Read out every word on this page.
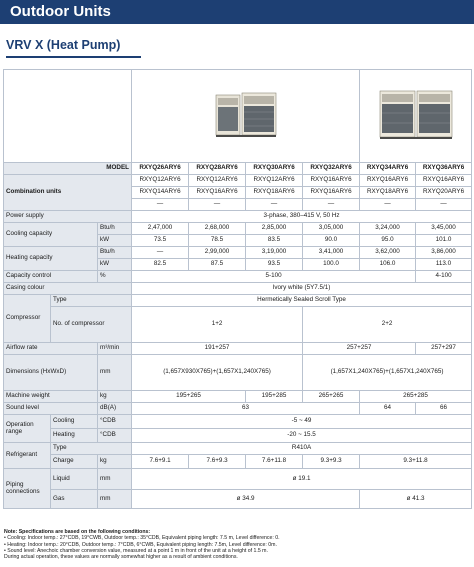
Outdoor Units
VRV X (Heat Pump)

MODEL			RXYQ26ARY6	RXYQ28ARY6	RXYQ30ARY6	RXYQ32ARY6	RXYQ34ARY6	RXYQ36ARY6	
Combination units			RXYQ12ARY6	RXYQ12ARY6	RXYQ12ARY6	RXYQ16ARY6	RXYQ16ARY6	RXYQ16ARY6	
			RXYQ14ARY6	RXYQ16ARY6	RXYQ18ARY6	RXYQ16ARY6	RXYQ18ARY6	RXYQ20ARY6	
			—	—	—	—	—	—	
Power supply			3-phase, 380–415 V, 50 Hz						
Cooling capacity		Btu/h	2,47,000	2,68,000	2,85,000	3,05,000	3,24,000	3,45,000	
		kW	73.5	78.5	83.5	90.0	95.0	101.0	
Heating capacity		Btu/h	—	2,99,000	3,19,000	3,41,000	3,62,000	3,86,000	
		kW	82.5	87.5	93.5	100.0	106.0	113.0	
Capacity control		%	5-100					4-100	
Casing colour			Ivory white (5Y7.5/1)						
Compressor	Type		Hermetically Sealed Scroll Type						
	No. of compressor		1+2			2+2			
Airflow rate		m³/min	191+257			257+257		257+297	
Dimensions (HxWxD)		mm	(1,657X930X765)+(1,657X1,240X765)			(1,657X1,240X765)+(1,657X1,240X765)			
Machine weight		kg	195+265		195+285	265+265	265+285	
Sound level		dB(A)	63				64	66	
Operation range	Cooling	°CDB	-5 ~ 49						
	Heating	°CDB	-20 ~ 15.5						
Refrigerant	Type		R410A						
	Charge	kg	7.6+9.1	7.6+9.3	7.6+11.8	9.3+9.3	9.3+11.8		
Piping connections	Liquid	mm	ø 19.1						
	Gas	mm	ø 34.9				ø 41.3		
Note: Specifications are based on the following conditions:
• Cooling: Indoor temp.: 27°CDB, 19°CWB, Outdoor temp.: 35°CDB, Equivalent piping length: 7.5 m, Level difference: 0.
• Heating: Indoor temp.: 20°CDB, Outdoor temp.: 7°CDB, 6°CWB, Equivalent piping length: 7.5m, Level difference: 0m.
• Sound level: Anechoic chamber conversion value, measured at a point 1 m in front of the unit at a height of 1.5 m.
During actual operation, these values are normally somewhat higher as a result of ambient conditions.
